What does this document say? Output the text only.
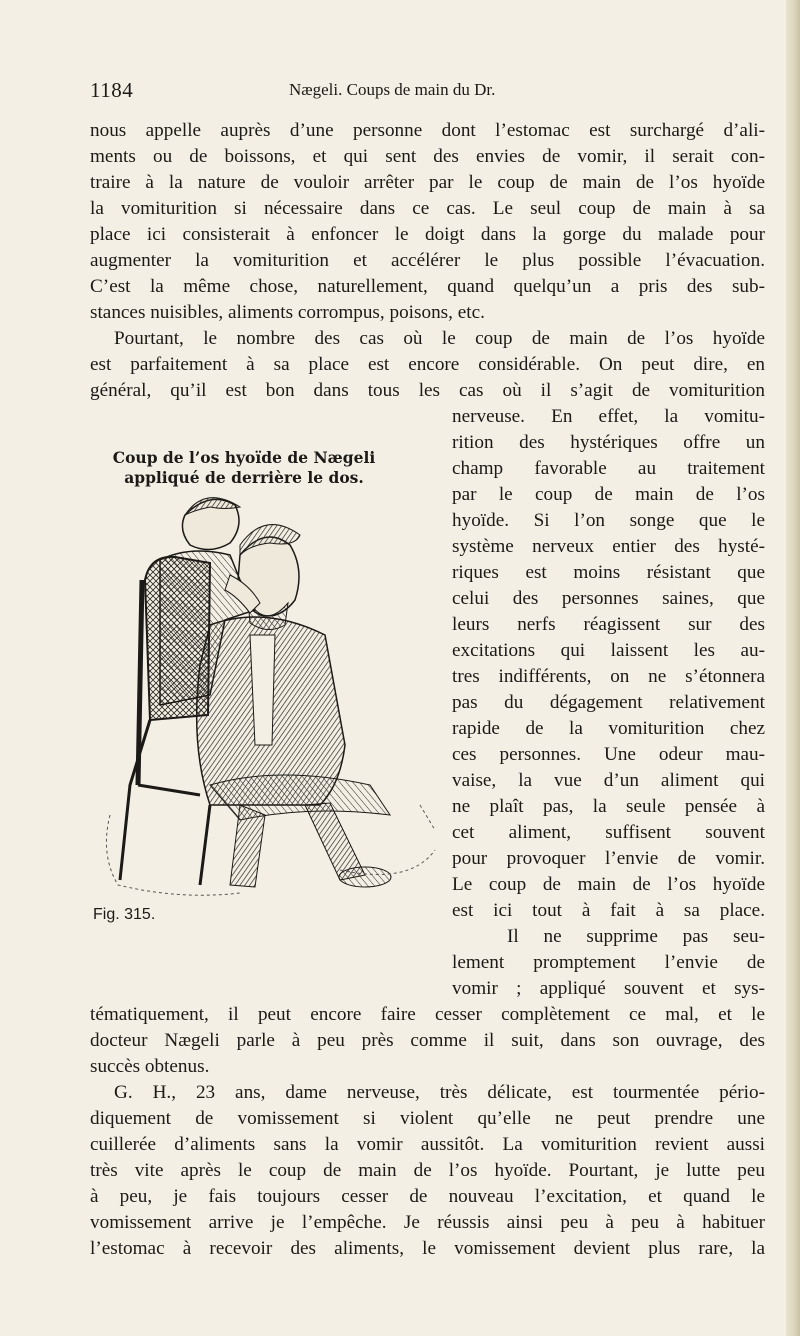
1184	Nægeli. Coups de main du Dr.
nous appelle auprès d’une personne dont l’estomac est surchargé d’ali-
ments ou de boissons, et qui sent des envies de vomir, il serait con-
traire à la nature de vouloir arrêter par le coup de main de l’os hyoïde
la vomiturition si nécessaire dans ce cas. Le seul coup de main à sa
place ici consisterait à enfoncer le doigt dans la gorge du malade pour
augmenter la vomiturition et accélérer le plus possible l’évacuation.
C’est la même chose, naturellement, quand quelqu’un a pris des sub-
stances nuisibles, aliments corrompus, poisons, etc.
Pourtant, le nombre des cas où le coup de main de l’os hyoïde
est parfaitement à sa place est encore considérable. On peut dire, en
général, qu’il est bon dans tous les cas où il s’agit de vomiturition
nerveuse. En effet, la vomitu-
rition des hystériques offre un
champ favorable au traitement
par le coup de main de l’os
hyoïde. Si l’on songe que le
système nerveux entier des hysté-
riques est moins résistant que
celui des personnes saines, que
leurs nerfs réagissent sur des
excitations qui laissent les au-
tres indifférents, on ne s’étonnera
pas du dégagement relativement
rapide de la vomiturition chez
ces personnes. Une odeur mau-
vaise, la vue d’un aliment qui
ne plaît pas, la seule pensée à
cet aliment, suffisent souvent
pour provoquer l’envie de vomir.
Le coup de main de l’os hyoïde
est ici tout à fait à sa place.
Il ne supprime pas seu-
lement promptement l’envie de
vomir ; appliqué souvent et sys-
tématiquement, il peut encore faire cesser complètement ce mal, et le
docteur Nægeli parle à peu près comme il suit, dans son ouvrage, des
succès obtenus.
G. H., 23 ans, dame nerveuse, très délicate, est tourmentée pério-
diquement de vomissement si violent qu’elle ne peut prendre une
cuillerée d’aliments sans la vomir aussitôt. La vomiturition revient aussi
très vite après le coup de main de l’os hyoïde. Pourtant, je lutte peu
à peu, je fais toujours cesser de nouveau l’excitation, et quand le
vomissement arrive je l’empêche. Je réussis ainsi peu à peu à habituer
l’estomac à recevoir des aliments, le vomissement devient plus rare, la
Coup de l’os hyoïde de Nægeli
appliqué de derrière le dos.
Fig. 315.
